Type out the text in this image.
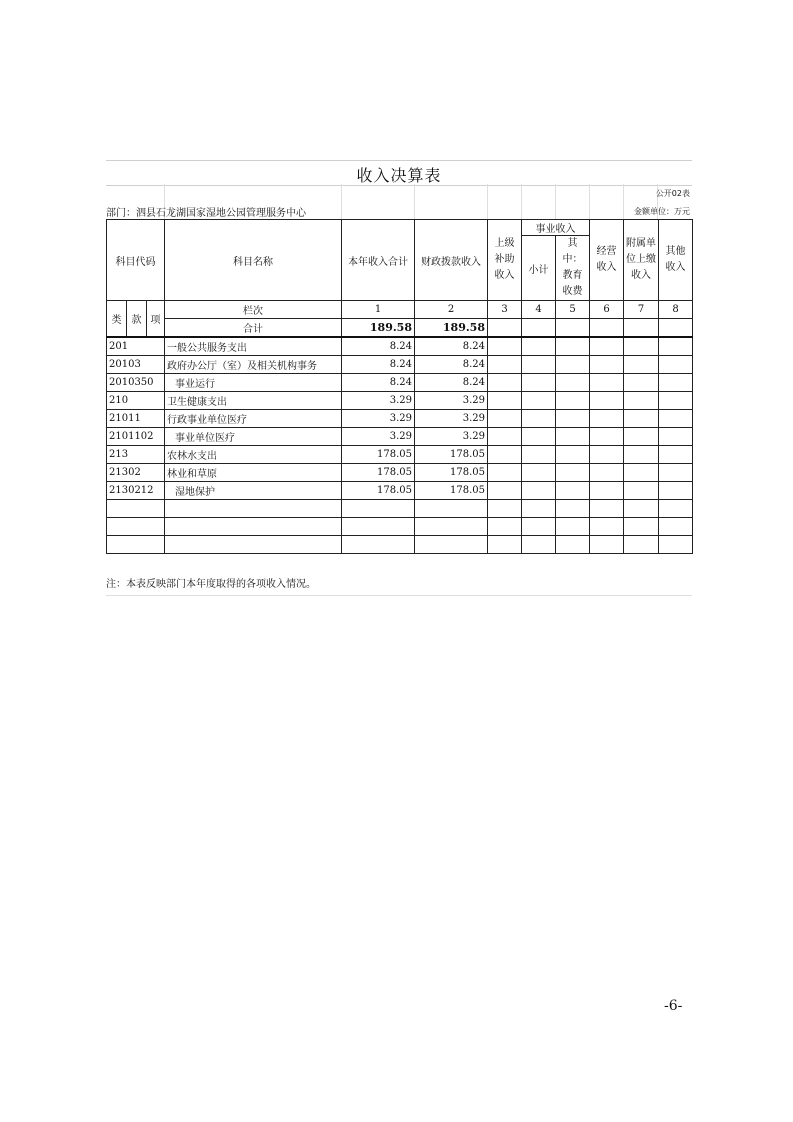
收入决算表
公开02表
部门：泗县石龙湖国家湿地公园管理服务中心	金额单位：万元
科目代码			科目名称	本年收入合计	财政拨款收入	上级补助收入	事业收入		经营收入	附属单位上缴收入	其他收入
							小计	其中：教育收费			

类	款	项	栏次	1	2	3	4	5	6	7	8
			合计	189.58	189.58						
201			一般公共服务支出	8.24	8.24						
20103			政府办公厅（室）及相关机构事务	8.24	8.24						
2010350			事业运行	8.24	8.24						
210			卫生健康支出	3.29	3.29						
21011			行政事业单位医疗	3.29	3.29						
2101102			事业单位医疗	3.29	3.29						
213			农林水支出	178.05	178.05						
21302			林业和草原	178.05	178.05						
2130212			湿地保护	178.05	178.05						

注：本表反映部门本年度取得的各项收入情况。
-6-
